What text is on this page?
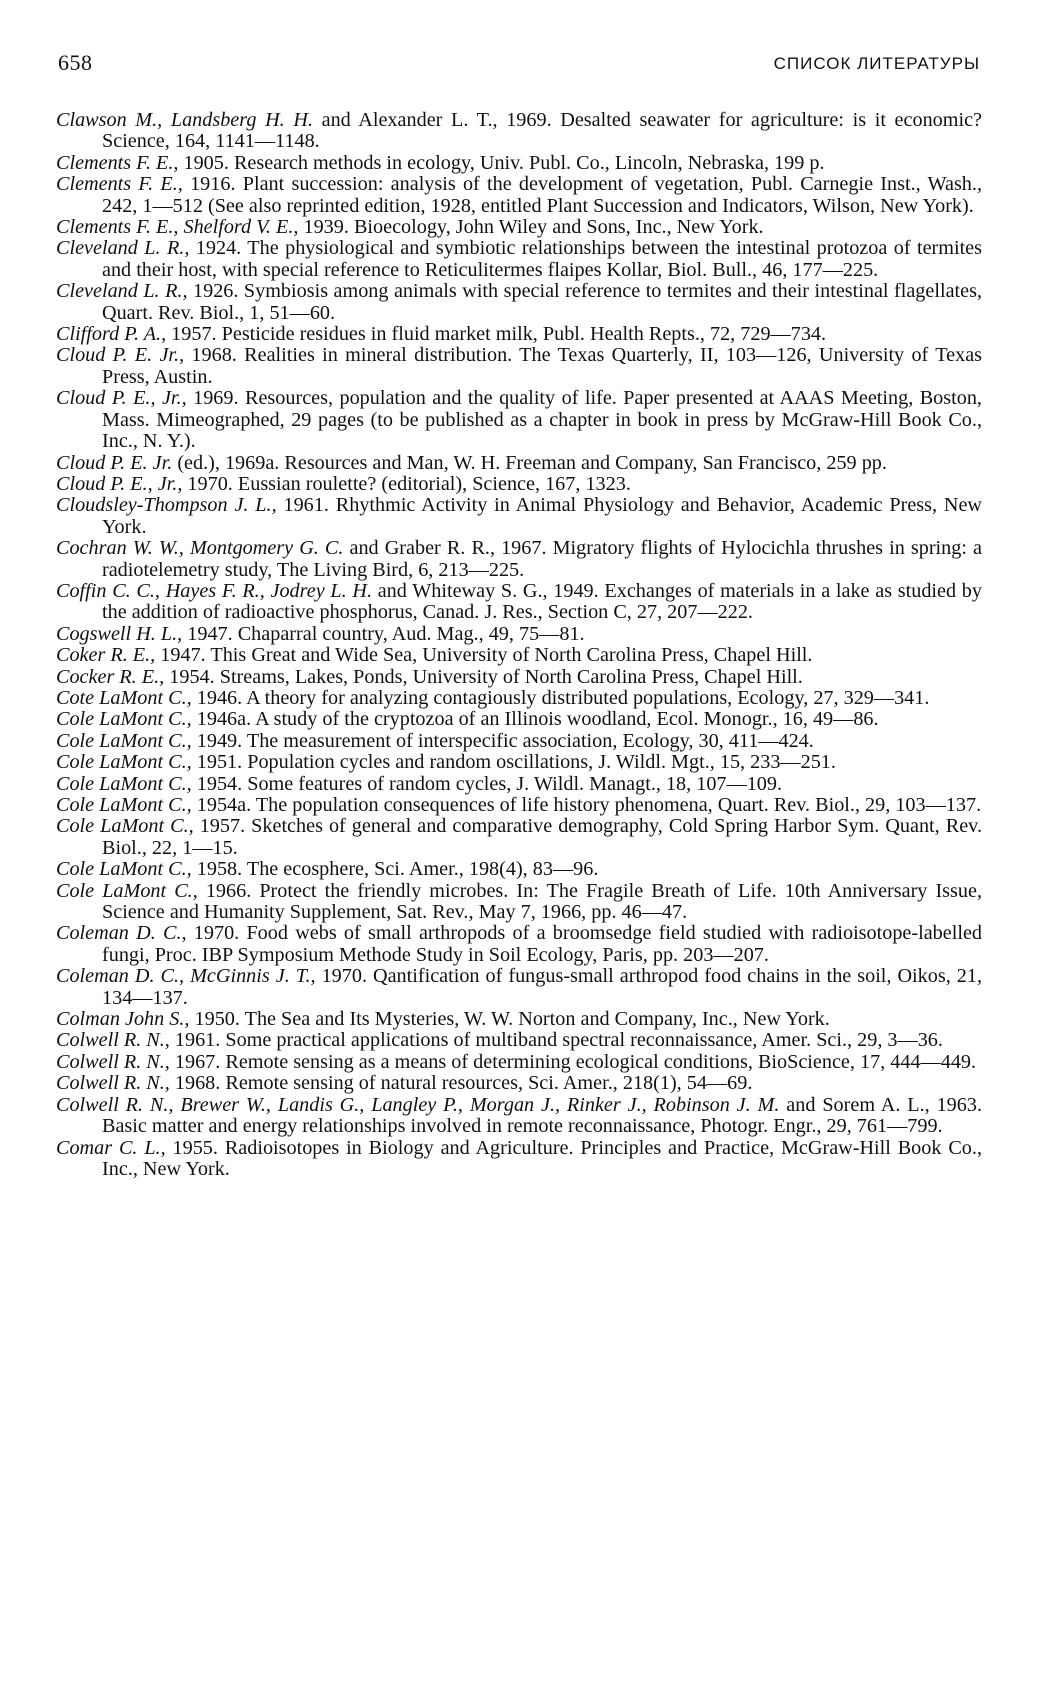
658	СПИСОК ЛИТЕРАТУРЫ
Clawson M., Landsberg H. H. and Alexander L. T., 1969. Desalted seawater for agriculture: is it economic? Science, 164, 1141—1148.
Clements F. E., 1905. Research methods in ecology, Univ. Publ. Co., Lincoln, Nebraska, 199 p.
Clements F. E., 1916. Plant succession: analysis of the development of vegetation, Publ. Carnegie Inst., Wash., 242, 1—512 (See also reprinted edition, 1928, entitled Plant Succession and Indicators, Wilson, New York).
Clements F. E., Shelford V. E., 1939. Bioecology, John Wiley and Sons, Inc., New York.
Cleveland L. R., 1924. The physiological and symbiotic relationships between the intestinal protozoa of termites and their host, with special reference to Reticulitermes flaipes Kollar, Biol. Bull., 46, 177—225.
Cleveland L. R., 1926. Symbiosis among animals with special reference to termites and their intestinal flagellates, Quart. Rev. Biol., 1, 51—60.
Clifford P. A., 1957. Pesticide residues in fluid market milk, Publ. Health Repts., 72, 729—734.
Cloud P. E. Jr., 1968. Realities in mineral distribution. The Texas Quarterly, II, 103—126, University of Texas Press, Austin.
Cloud P. E., Jr., 1969. Resources, population and the quality of life. Paper presented at AAAS Meeting, Boston, Mass. Mimeographed, 29 pages (to be published as a chapter in book in press by McGraw-Hill Book Co., Inc., N. Y.).
Cloud P. E. Jr. (ed.), 1969a. Resources and Man, W. H. Freeman and Company, San Francisco, 259 pp.
Cloud P. E., Jr., 1970. Eussian roulette? (editorial), Science, 167, 1323.
Cloudsley-Thompson J. L., 1961. Rhythmic Activity in Animal Physiology and Behavior, Academic Press, New York.
Cochran W. W., Montgomery G. C. and Graber R. R., 1967. Migratory flights of Hylocichla thrushes in spring: a radiotelemetry study, The Living Bird, 6, 213—225.
Coffin C. C., Hayes F. R., Jodrey L. H. and Whiteway S. G., 1949. Exchanges of materials in a lake as studied by the addition of radioactive phosphorus, Canad. J. Res., Section C, 27, 207—222.
Cogswell H. L., 1947. Chaparral country, Aud. Mag., 49, 75—81.
Coker R. E., 1947. This Great and Wide Sea, University of North Carolina Press, Chapel Hill.
Cocker R. E., 1954. Streams, Lakes, Ponds, University of North Carolina Press, Chapel Hill.
Cote LaMont C., 1946. A theory for analyzing contagiously distributed populations, Ecology, 27, 329—341.
Cole LaMont C., 1946a. A study of the cryptozoa of an Illinois woodland, Ecol. Monogr., 16, 49—86.
Cole LaMont C., 1949. The measurement of interspecific association, Ecology, 30, 411—424.
Cole LaMont C., 1951. Population cycles and random oscillations, J. Wildl. Mgt., 15, 233—251.
Cole LaMont C., 1954. Some features of random cycles, J. Wildl. Managt., 18, 107—109.
Cole LaMont C., 1954a. The population consequences of life history phenomena, Quart. Rev. Biol., 29, 103—137.
Cole LaMont C., 1957. Sketches of general and comparative demography, Cold Spring Harbor Sym. Quant, Rev. Biol., 22, 1—15.
Cole LaMont C., 1958. The ecosphere, Sci. Amer., 198(4), 83—96.
Cole LaMont C., 1966. Protect the friendly microbes. In: The Fragile Breath of Life. 10th Anniversary Issue, Science and Humanity Supplement, Sat. Rev., May 7, 1966, pp. 46—47.
Coleman D. C., 1970. Food webs of small arthropods of a broomsedge field studied with radioisotope-labelled fungi, Proc. IBP Symposium Methode Study in Soil Ecology, Paris, pp. 203—207.
Coleman D. C., McGinnis J. T., 1970. Qantification of fungus-small arthropod food chains in the soil, Oikos, 21, 134—137.
Colman John S., 1950. The Sea and Its Mysteries, W. W. Norton and Company, Inc., New York.
Colwell R. N., 1961. Some practical applications of multiband spectral reconnaissance, Amer. Sci., 29, 3—36.
Colwell R. N., 1967. Remote sensing as a means of determining ecological conditions, BioScience, 17, 444—449.
Colwell R. N., 1968. Remote sensing of natural resources, Sci. Amer., 218(1), 54—69.
Colwell R. N., Brewer W., Landis G., Langley P., Morgan J., Rinker J., Robinson J. M. and Sorem A. L., 1963. Basic matter and energy relationships involved in remote reconnaissance, Photogr. Engr., 29, 761—799.
Comar C. L., 1955. Radioisotopes in Biology and Agriculture. Principles and Practice, McGraw-Hill Book Co., Inc., New York.
